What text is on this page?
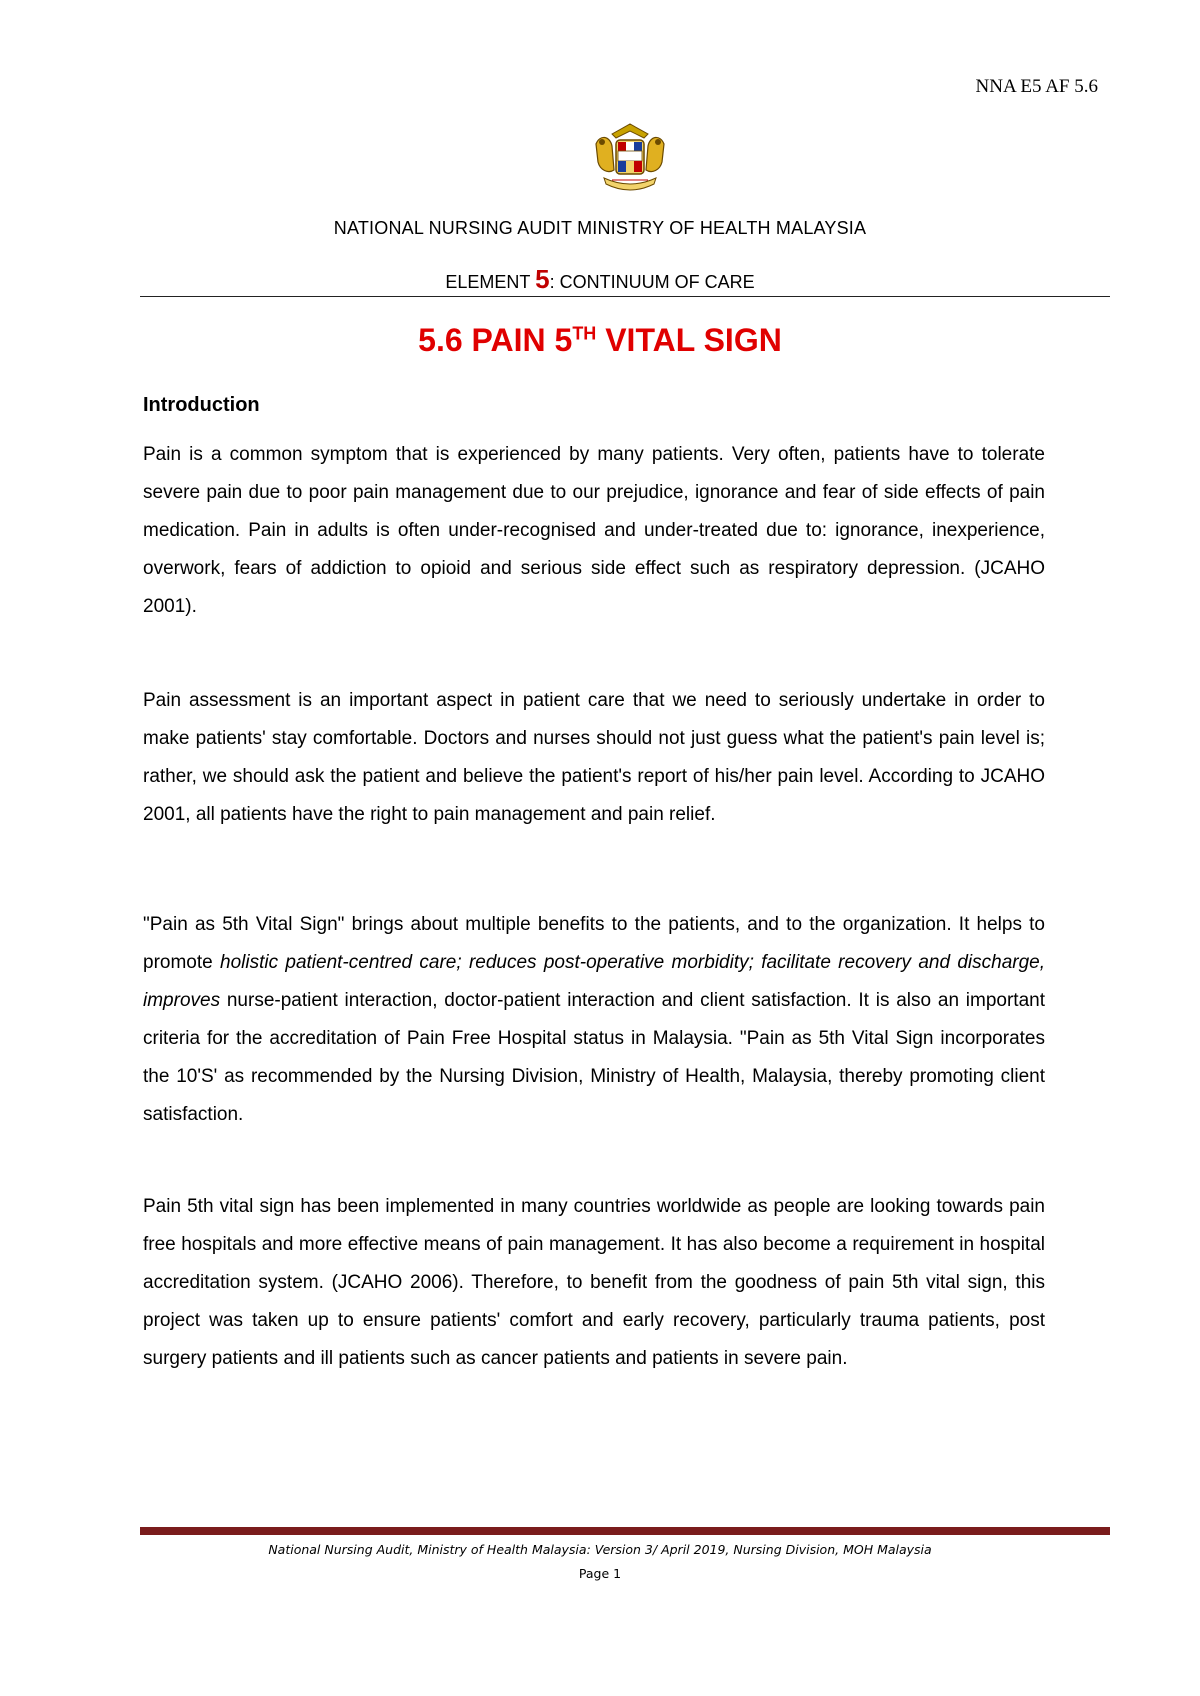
NNA E5 AF 5.6
NATIONAL NURSING AUDIT MINISTRY OF HEALTH MALAYSIA
ELEMENT 5: CONTINUUM OF CARE
5.6 PAIN 5TH VITAL SIGN
Introduction

Pain is a common symptom that is experienced by many patients. Very often, patients have to tolerate severe pain due to poor pain management due to our prejudice, ignorance and fear of side effects of pain medication. Pain in adults is often under-recognised and under-treated due to: ignorance, inexperience, overwork, fears of addiction to opioid and serious side effect such as respiratory depression. (JCAHO 2001).

Pain assessment is an important aspect in patient care that we need to seriously undertake in order to make patients' stay comfortable. Doctors and nurses should not just guess what the patient's pain level is; rather, we should ask the patient and believe the patient's report of his/her pain level. According to JCAHO 2001, all patients have the right to pain management and pain relief.

"Pain as 5th Vital Sign" brings about multiple benefits to the patients, and to the organization. It helps to promote holistic patient-centred care; reduces post-operative morbidity; facilitate recovery and discharge, improves nurse-patient interaction, doctor-patient interaction and client satisfaction. It is also an important criteria for the accreditation of Pain Free Hospital status in Malaysia. "Pain as 5th Vital Sign incorporates the 10'S' as recommended by the Nursing Division, Ministry of Health, Malaysia, thereby promoting client satisfaction.

Pain 5th vital sign has been implemented in many countries worldwide as people are looking towards pain free hospitals and more effective means of pain management. It has also become a requirement in hospital accreditation system. (JCAHO 2006). Therefore, to benefit from the goodness of pain 5th vital sign, this project was taken up to ensure patients' comfort and early recovery, particularly trauma patients, post surgery patients and ill patients such as cancer patients and patients in severe pain.

National Nursing Audit, Ministry of Health Malaysia: Version 3/ April 2019, Nursing Division, MOH Malaysia
Page 1
